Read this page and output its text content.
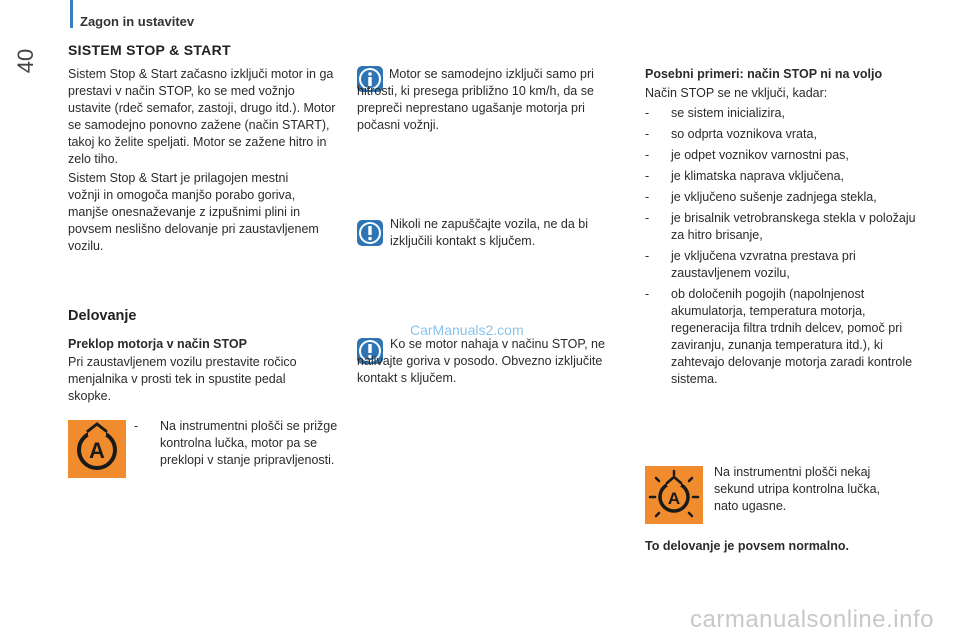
Zagon in ustavitev
40 SISTEM STOP & START
Sistem Stop & Start začasno izključi motor in ga prestavi v način STOP, ko se med vožnjo ustavite (rdeč semafor, zastoji, drugo itd.). Motor se samodejno ponovno zažene (način START), takoj ko želite speljati. Motor se zažene hitro in zelo tiho.
Sistem Stop & Start je prilagojen mestni vožnji in omogoča manjšo porabo goriva, manjše onesnaževanje z izpušnimi plini in povsem neslišno delovanje pri zaustavljenem vozilu.
Delovanje
Preklop motorja v način STOP
Pri zaustavljenem vozilu prestavite ročico menjalnika v prosti tek in spustite pedal skopke.
A
- Na instrumentni plošči se prižge kontrolna lučka, motor pa se preklopi v stanje pripravljenosti.
Motor se samodejno izključi samo pri hitrosti, ki presega približno 10 km/h, da se prepreči neprestano ugašanje motorja pri počasni vožnji.
Nikoli ne zapuščajte vozila, ne da bi izključili kontakt s ključem.
CarManuals2.com
Ko se motor nahaja v načinu STOP, ne nalivajte goriva v posodo. Obvezno izključite kontakt s ključem.
Posebni primeri: način STOP ni na voljo
Način STOP se ne vključi, kadar:
- se sistem inicializira,
- so odprta voznikova vrata,
- je odpet voznikov varnostni pas,
- je klimatska naprava vključena,
- je vključeno sušenje zadnjega stekla,
- je brisalnik vetrobranskega stekla v položaju za hitro brisanje,
- je vključena vzvratna prestava pri zaustavljenem vozilu,
- ob določenih pogojih (napolnjenost akumulatorja, temperatura motorja, regeneracija filtra trdnih delcev, pomoč pri zaviranju, zunanja temperatura itd.), ki zahtevajo delovanje motorja zaradi kontrole sistema.
A
Na instrumentni plošči nekaj sekund utripa kontrolna lučka, nato ugasne.
To delovanje je povsem normalno.
carmanualsonline.info
